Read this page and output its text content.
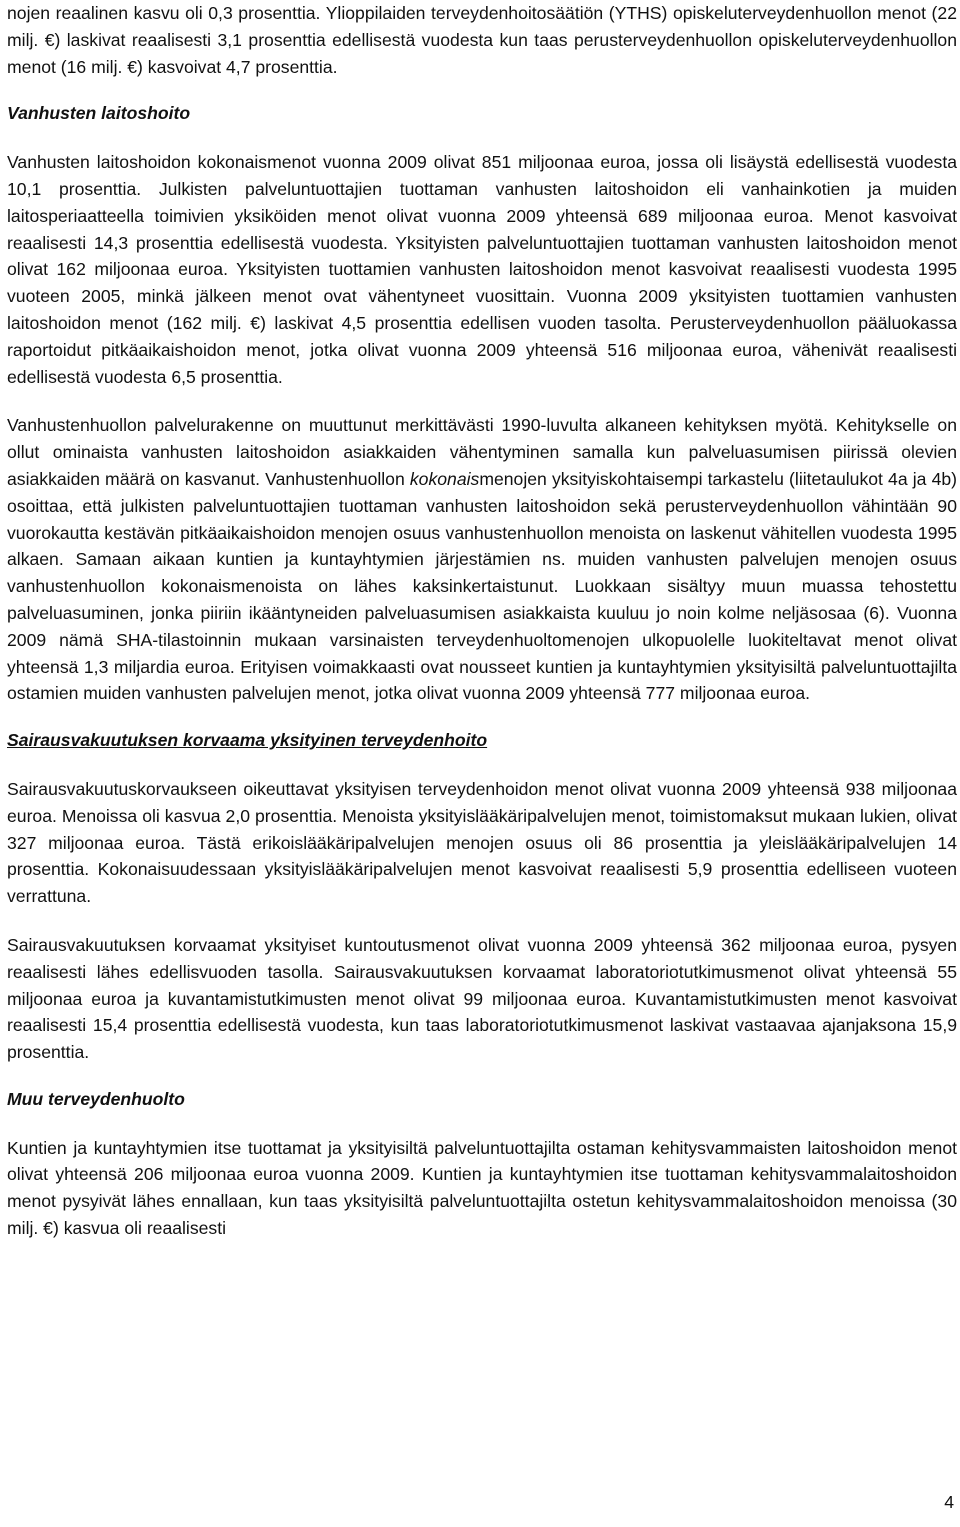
nojen reaalinen kasvu oli 0,3 prosenttia. Ylioppilaiden terveydenhoitosäätiön (YTHS) opiskeluterveydenhuollon menot (22 milj. €) laskivat reaalisesti 3,1 prosenttia edellisestä vuodesta kun taas perusterveydenhuollon opiskeluterveydenhuollon menot (16 milj. €) kasvoivat 4,7 prosenttia.

Vanhusten laitoshoito

Vanhusten laitoshoidon kokonaismenot vuonna 2009 olivat 851 miljoonaa euroa, jossa oli lisäystä edellisestä vuodesta 10,1 prosenttia. Julkisten palveluntuottajien tuottaman vanhusten laitoshoidon eli vanhainkotien ja muiden laitosperiaatteella toimivien yksiköiden menot olivat vuonna 2009 yhteensä 689 miljoonaa euroa. Menot kasvoivat reaalisesti 14,3 prosenttia edellisestä vuodesta. Yksityisten palveluntuottajien tuottaman vanhusten laitoshoidon menot olivat 162 miljoonaa euroa. Yksityisten tuottamien vanhusten laitoshoidon menot kasvoivat reaalisesti vuodesta 1995 vuoteen 2005, minkä jälkeen menot ovat vähentyneet vuosittain. Vuonna 2009 yksityisten tuottamien vanhusten laitoshoidon menot (162 milj. €) laskivat 4,5 prosenttia edellisen vuoden tasolta. Perusterveydenhuollon pääluokassa raportoidut pitkäaikaishoidon menot, jotka olivat vuonna 2009 yhteensä 516 miljoonaa euroa, vähenivät reaalisesti edellisestä vuodesta 6,5 prosenttia.

Vanhustenhuollon palvelurakenne on muuttunut merkittävästi 1990-luvulta alkaneen kehityksen myötä. Kehitykselle on ollut ominaista vanhusten laitoshoidon asiakkaiden vähentyminen samalla kun palveluasumisen piirissä olevien asiakkaiden määrä on kasvanut. Vanhustenhuollon kokonaismenojen yksityiskohtaisempi tarkastelu (liitetaulukot 4a ja 4b) osoittaa, että julkisten palveluntuottajien tuottaman vanhusten laitoshoidon sekä perusterveydenhuollon vähintään 90 vuorokautta kestävän pitkäaikaishoidon menojen osuus vanhustenhuollon menoista on laskenut vähitellen vuodesta 1995 alkaen. Samaan aikaan kuntien ja kuntayhtymien järjestämien ns. muiden vanhusten palvelujen menojen osuus vanhustenhuollon kokonaismenoista on lähes kaksinkertaistunut. Luokkaan sisältyy muun muassa tehostettu palveluasuminen, jonka piiriin ikääntyneiden palveluasumisen asiakkaista kuuluu jo noin kolme neljäsosaa (6). Vuonna 2009 nämä SHA-tilastoinnin mukaan varsinaisten terveydenhuoltomenojen ulkopuolelle luokiteltavat menot olivat yhteensä 1,3 miljardia euroa. Erityisen voimakkaasti ovat nousseet kuntien ja kuntayhtymien yksityisiltä palveluntuottajilta ostamien muiden vanhusten palvelujen menot, jotka olivat vuonna 2009 yhteensä 777 miljoonaa euroa.

Sairausvakuutuksen korvaama yksityinen terveydenhoito

Sairausvakuutuskorvaukseen oikeuttavat yksityisen terveydenhoidon menot olivat vuonna 2009 yhteensä 938 miljoonaa euroa. Menoissa oli kasvua 2,0 prosenttia. Menoista yksityislääkäripalvelujen menot, toimistomaksut mukaan lukien, olivat 327 miljoonaa euroa. Tästä erikoislääkäripalvelujen menojen osuus oli 86 prosenttia ja yleislääkäripalvelujen 14 prosenttia. Kokonaisuudessaan yksityislääkäripalvelujen menot kasvoivat reaalisesti 5,9 prosenttia edelliseen vuoteen verrattuna.

Sairausvakuutuksen korvaamat yksityiset kuntoutusmenot olivat vuonna 2009 yhteensä 362 miljoonaa euroa, pysyen reaalisesti lähes edellisvuoden tasolla. Sairausvakuutuksen korvaamat laboratoriotutkimusmenot olivat yhteensä 55 miljoonaa euroa ja kuvantamistutkimusten menot olivat 99 miljoonaa euroa. Kuvantamistutkimusten menot kasvoivat reaalisesti 15,4 prosenttia edellisestä vuodesta, kun taas laboratoriotutkimusmenot laskivat vastaavaa ajanjaksona 15,9 prosenttia.

Muu terveydenhuolto

Kuntien ja kuntayhtymien itse tuottamat ja yksityisiltä palveluntuottajilta ostaman kehitysvammaisten laitoshoidon menot olivat yhteensä 206 miljoonaa euroa vuonna 2009. Kuntien ja kuntayhtymien itse tuottaman kehitysvammalaitoshoidon menot pysyivät lähes ennallaan, kun taas yksityisiltä palveluntuottajilta ostetun kehitysvammalaitoshoidon menoissa (30 milj. €) kasvua oli reaalisesti

4
